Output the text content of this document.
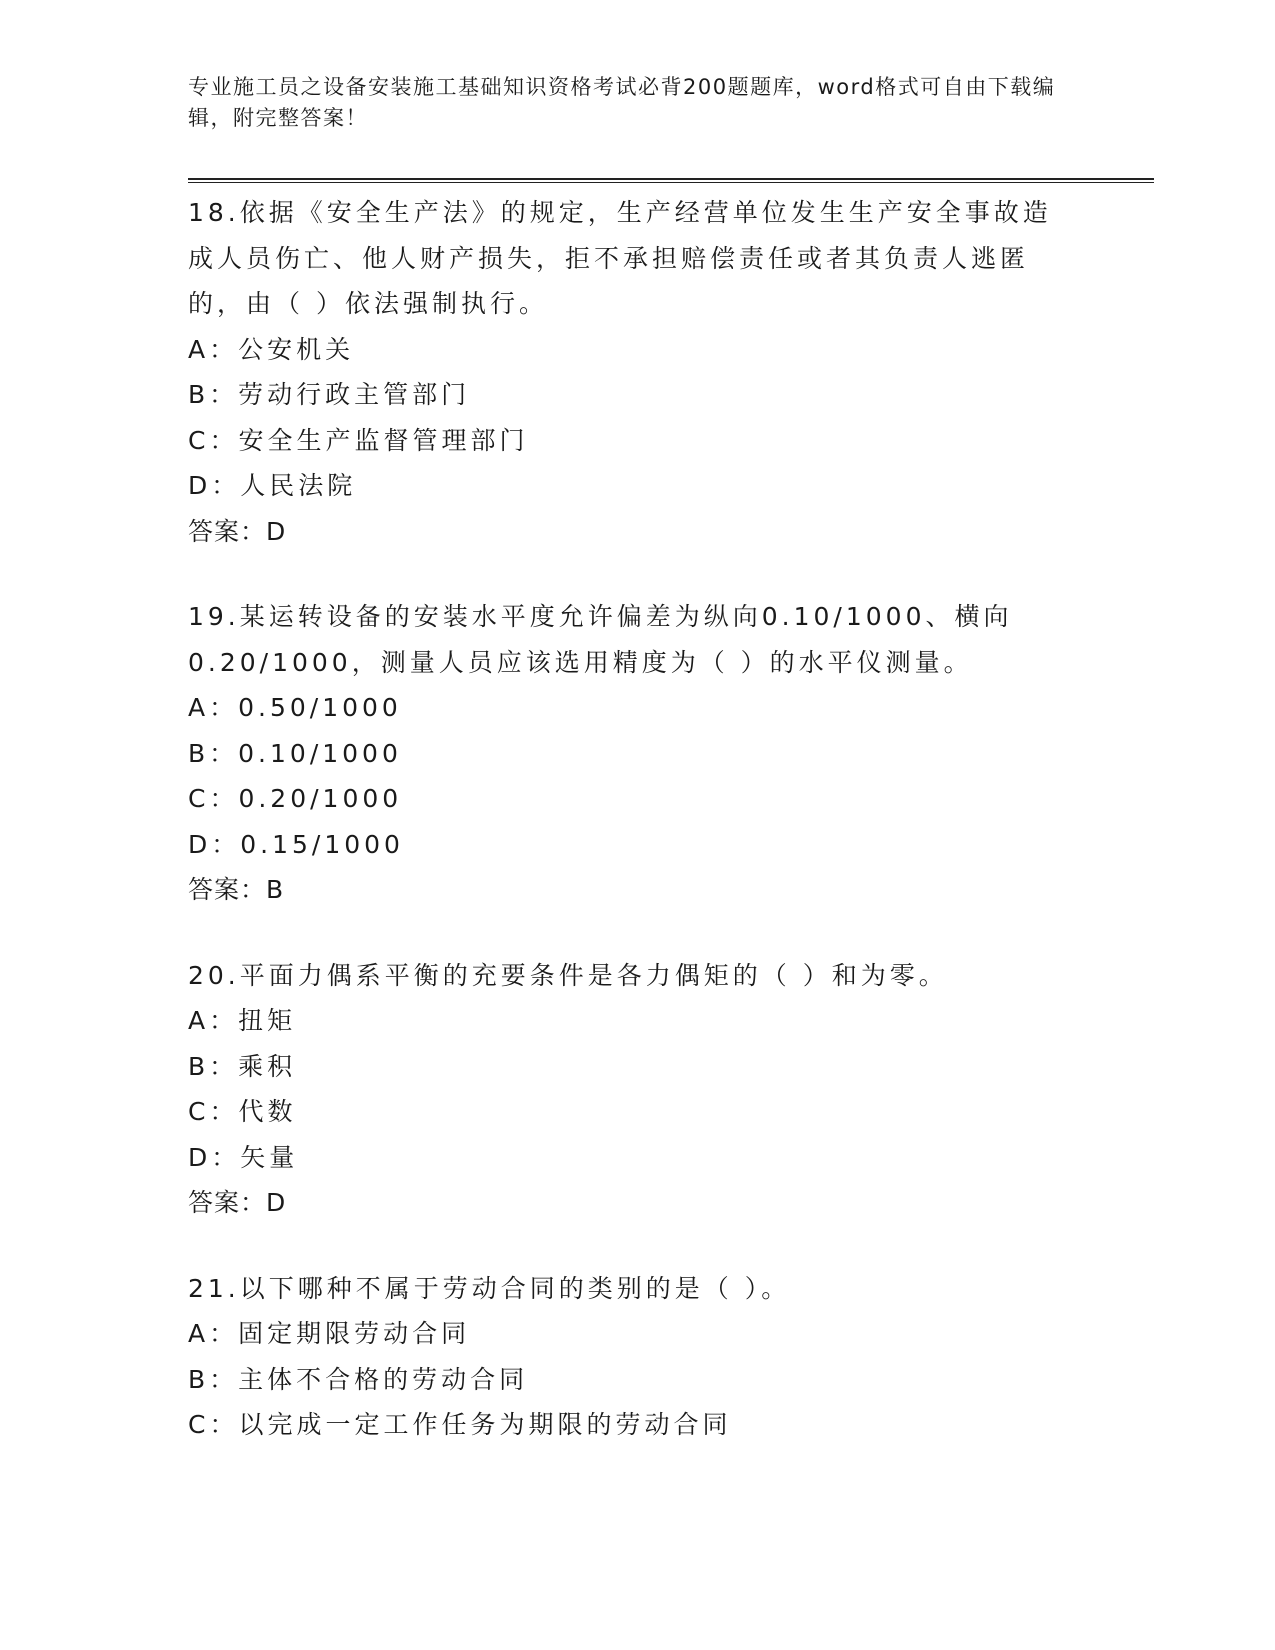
专业施工员之设备安装施工基础知识资格考试必背200题题库，word格式可自由下载编辑，附完整答案！

18.依据《安全生产法》的规定，生产经营单位发生生产安全事故造成人员伤亡、他人财产损失，拒不承担赔偿责任或者其负责人逃匿的，由（ ）依法强制执行。

A：公安机关

B：劳动行政主管部门

C：安全生产监督管理部门

D：人民法院

答案：D

19.某运转设备的安装水平度允许偏差为纵向0.10/1000、横向0.20/1000，测量人员应该选用精度为（ ）的水平仪测量。

A：0.50/1000

B：0.10/1000

C：0.20/1000

D：0.15/1000

答案：B

20.平面力偶系平衡的充要条件是各力偶矩的（ ）和为零。

A：扭矩

B：乘积

C：代数

D：矢量

答案：D

21.以下哪种不属于劳动合同的类别的是（ ）。

A：固定期限劳动合同

B：主体不合格的劳动合同

C：以完成一定工作任务为期限的劳动合同
